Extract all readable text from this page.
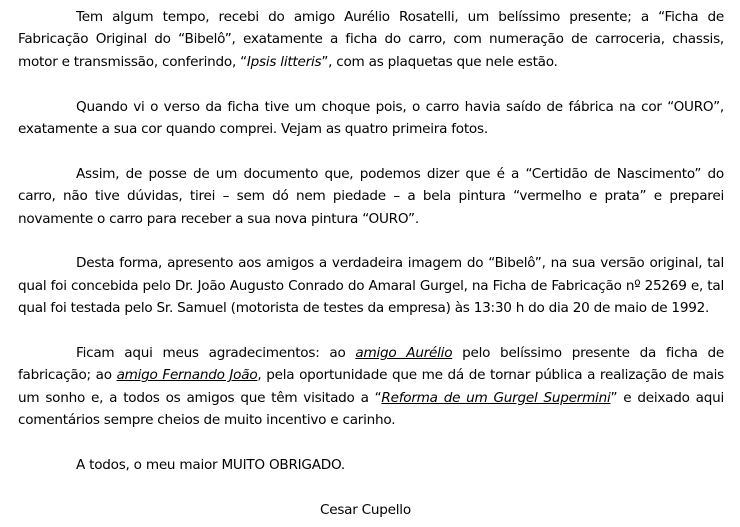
Tem algum tempo, recebi do amigo Aurélio Rosatelli, um belíssimo presente; a “Ficha de Fabricação Original do “Bibelô”, exatamente a ficha do carro, com numeração de carroceria, chassis, motor e transmissão, conferindo, “Ipsis litteris”, com as plaquetas que nele estão.

Quando vi o verso da ficha tive um choque pois, o carro havia saído de fábrica na cor “OURO”, exatamente a sua cor quando comprei. Vejam as quatro primeira fotos.

Assim, de posse de um documento que, podemos dizer que é a “Certidão de Nascimento” do carro, não tive dúvidas, tirei – sem dó nem piedade – a bela pintura “vermelho e prata” e preparei novamente o carro para receber a sua nova pintura “OURO”.

Desta forma, apresento aos amigos a verdadeira imagem do “Bibelô”, na sua versão original, tal qual foi concebida pelo Dr. João Augusto Conrado do Amaral Gurgel, na Ficha de Fabricação nº 25269 e, tal qual foi testada pelo Sr. Samuel (motorista de testes da empresa) às 13:30 h do dia 20 de maio de 1992.

Ficam aqui meus agradecimentos: ao amigo Aurélio pelo belíssimo presente da ficha de fabricação; ao amigo Fernando João, pela oportunidade que me dá de tornar pública a realização de mais um sonho e, a todos os amigos que têm visitado a “Reforma de um Gurgel Supermini” e deixado aqui comentários sempre cheios de muito incentivo e carinho.

A todos, o meu maior MUITO OBRIGADO.

Cesar Cupello
